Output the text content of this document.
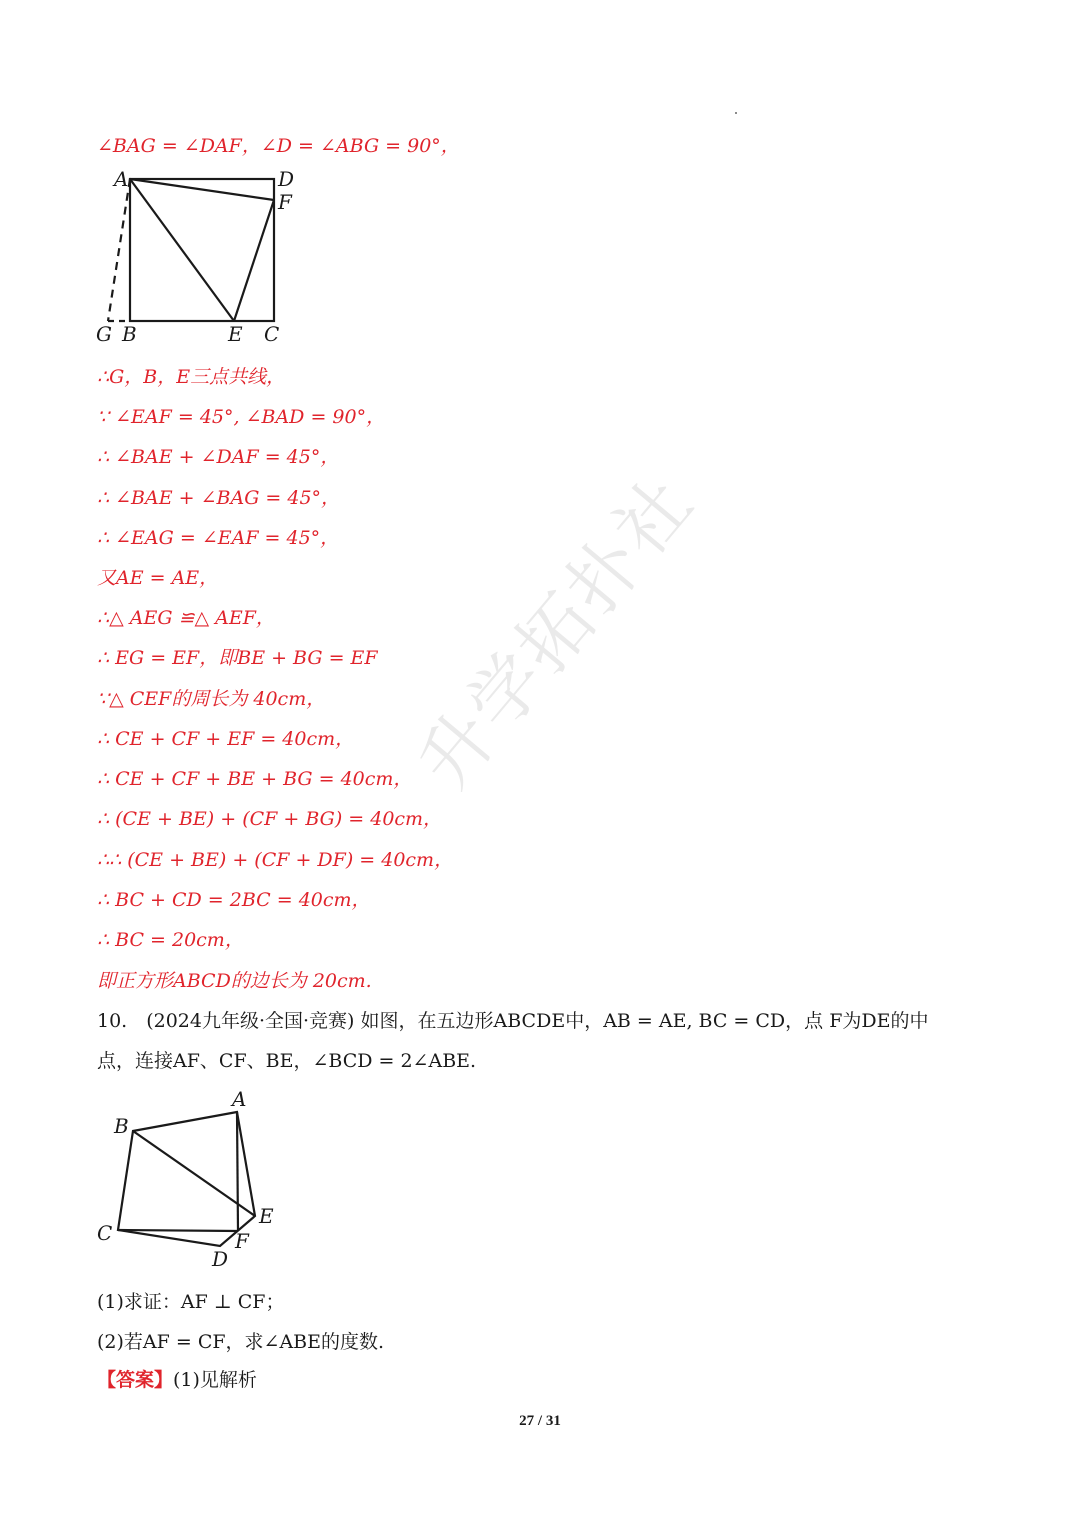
∠BAG = ∠DAF，∠D = ∠ABG = 90°，
A	D
F
G B	E C
∴G，B，E三点共线，
∵ ∠EAF = 45°, ∠BAD = 90°，
∴ ∠BAE + ∠DAF = 45°，
∴ ∠BAE + ∠BAG = 45°，
∴ ∠EAG = ∠EAF = 45°，
又AE = AE，
∴△ AEG ≌△ AEF，
∴ EG = EF，即BE + BG = EF
∵△ CEF的周长为 40cm，
∴ CE + CF + EF = 40cm，
∴ CE + CF + BE + BG = 40cm，
∴ (CE + BE) + (CF + BG) = 40cm，
∴∴ (CE + BE) + (CF + DF) = 40cm，
∴ BC + CD = 2BC = 40cm，
∴ BC = 20cm，
即正方形ABCD的边长为 20cm.
10.　(2024九年级·全国·竞赛) 如图，在五边形ABCDE中，AB = AE, BC = CD，点 F为DE的中
点，连接AF、CF、BE，∠BCD = 2∠ABE.
A
B
C
D
E
F
(1)求证：AF ⊥ CF；
(2)若AF = CF，求∠ABE的度数.
【答案】(1)见解析
27 / 31
升学拓扑社
